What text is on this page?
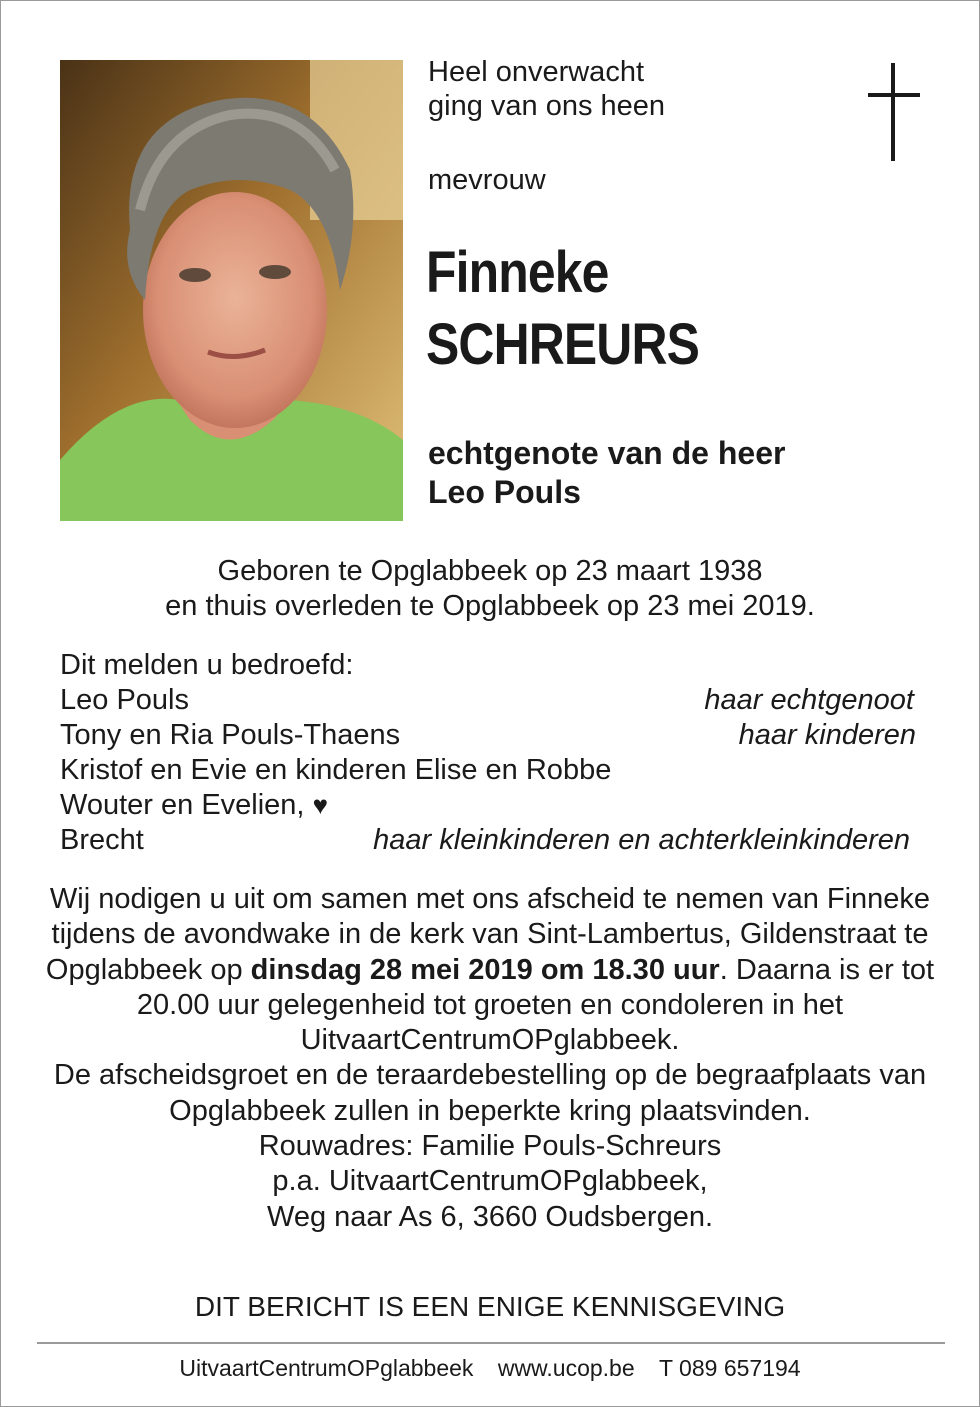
Heel onverwacht
ging van ons heen
mevrouw
Finneke
SCHREURS
echtgenote van de heer
Leo Pouls
Geboren te Opglabbeek op 23 maart 1938
en thuis overleden te Opglabbeek op 23 mei 2019.
Dit melden u bedroefd:
Leo Pouls	haar echtgenoot
Tony en Ria Pouls-Thaens	haar kinderen
Kristof en Evie en kinderen Elise en Robbe
Wouter en Evelien, ♥
Brecht	haar kleinkinderen en achterkleinkinderen
Wij nodigen u uit om samen met ons afscheid te nemen van Finneke tijdens de avondwake in de kerk van Sint-Lambertus, Gildenstraat te Opglabbeek op dinsdag 28 mei 2019 om 18.30 uur. Daarna is er tot 20.00 uur gelegenheid tot groeten en condoleren in het UitvaartCentrumOPglabbeek.
De afscheidsgroet en de teraardebestelling op de begraafplaats van Opglabbeek zullen in beperkte kring plaatsvinden.
Rouwadres: Familie Pouls-Schreurs
p.a. UitvaartCentrumOPglabbeek,
Weg naar As 6, 3660 Oudsbergen.
DIT BERICHT IS EEN ENIGE KENNISGEVING
UitvaartCentrumOPglabbeek www.ucop.be T 089 657194
